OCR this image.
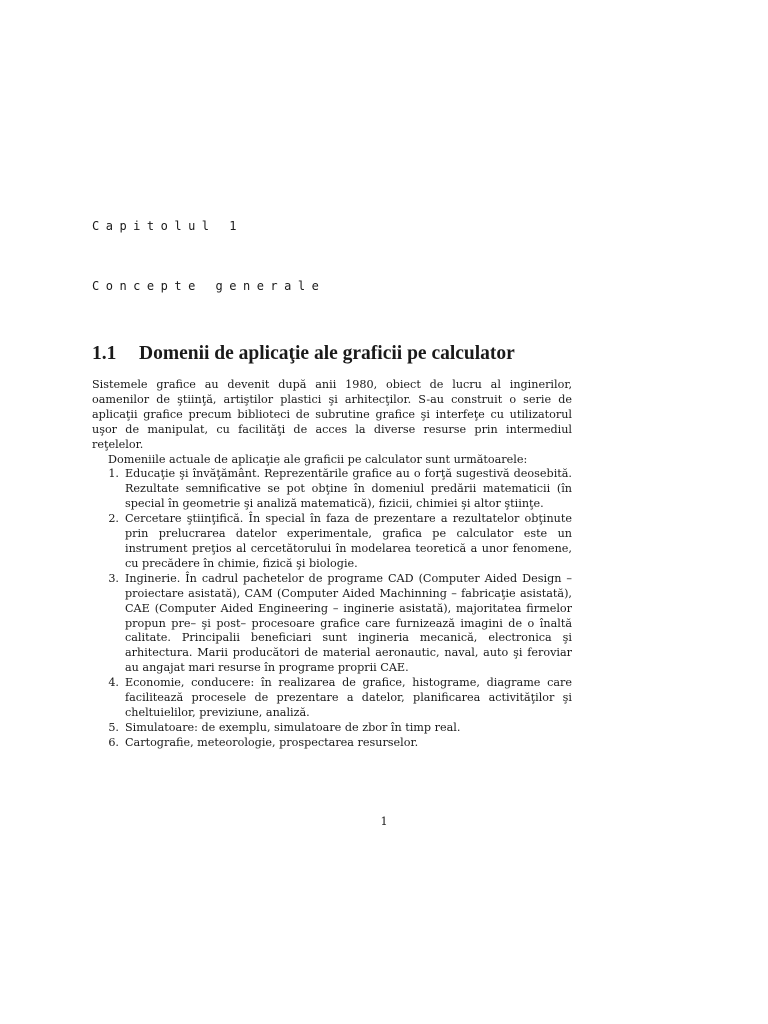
Capitolul 1
Concepte generale
1.1 Domenii de aplicaţie ale graficii pe calculator

Sistemele grafice au devenit după anii 1980, obiect de lucru al inginerilor, oamenilor de ştiinţă, artiştilor plastici şi arhitecţilor. S-au construit o serie de aplicaţii grafice precum biblioteci de subrutine grafice şi interfeţe cu utilizatorul uşor de manipulat, cu facilităţi de acces la diverse resurse prin intermediul reţelelor.

Domeniile actuale de aplicaţie ale graficii pe calculator sunt următoarele:

1. Educaţie şi învăţământ. Reprezentările grafice au o forţă sugestivă deosebită. Rezultate semnificative se pot obţine în domeniul predării matematicii (în special în geometrie şi analiză matematică), fizicii, chimiei şi altor ştiinţe.
2. Cercetare ştiinţifică. În special în faza de prezentare a rezultatelor obţinute prin prelucrarea datelor experimentale, grafica pe calculator este un instrument preţios al cercetătorului în modelarea teoretică a unor fenomene, cu precădere în chimie, fizică şi biologie.
3. Inginerie. În cadrul pachetelor de programe CAD (Computer Aided Design – proiectare asistată), CAM (Computer Aided Machinning – fabricaţie asistată), CAE (Computer Aided Engineering – inginerie asistată), majoritatea firmelor propun pre– şi post– procesoare grafice care furnizează imagini de o înaltă calitate. Principalii beneficiari sunt ingineria mecanică, electronica şi arhitectura. Marii producători de material aeronautic, naval, auto şi feroviar au angajat mari resurse în programe proprii CAE.
4. Economie, conducere: în realizarea de grafice, histograme, diagrame care facilitează procesele de prezentare a datelor, planificarea activităţilor şi cheltuielilor, previziune, analiză.
5. Simulatoare: de exemplu, simulatoare de zbor în timp real.
6. Cartografie, meteorologie, prospectarea resurselor.
1
